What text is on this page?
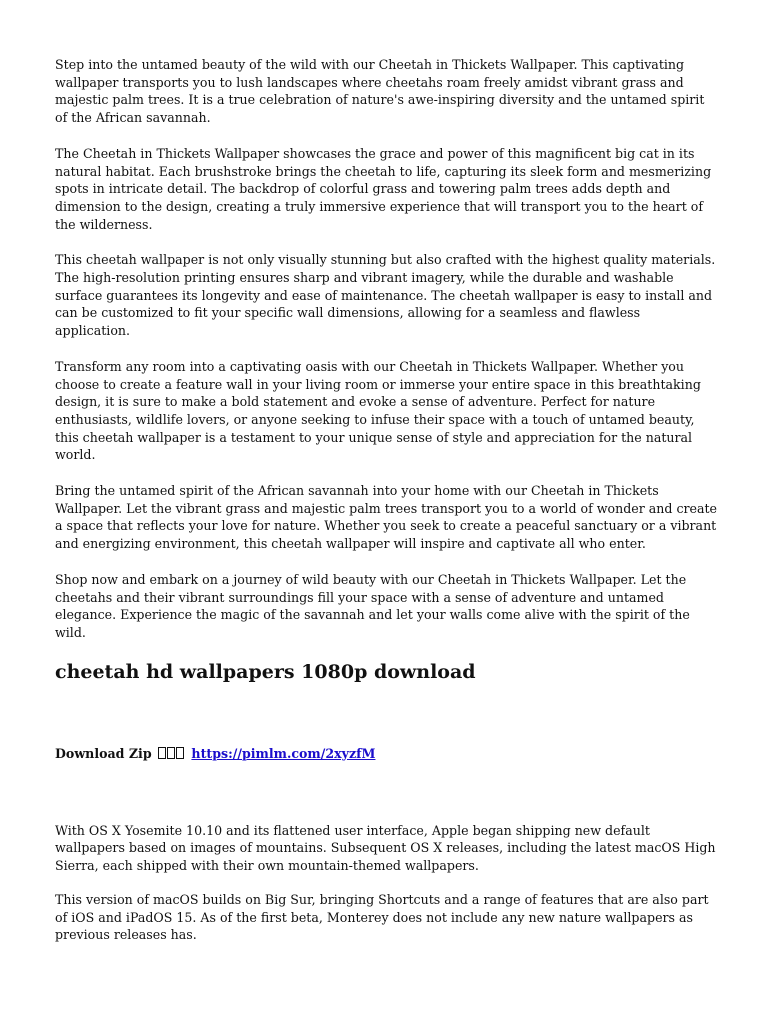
Step into the untamed beauty of the wild with our Cheetah in Thickets Wallpaper. This captivating wallpaper transports you to lush landscapes where cheetahs roam freely amidst vibrant grass and majestic palm trees. It is a true celebration of nature's awe-inspiring diversity and the untamed spirit of the African savannah.

The Cheetah in Thickets Wallpaper showcases the grace and power of this magnificent big cat in its natural habitat. Each brushstroke brings the cheetah to life, capturing its sleek form and mesmerizing spots in intricate detail. The backdrop of colorful grass and towering palm trees adds depth and dimension to the design, creating a truly immersive experience that will transport you to the heart of the wilderness.

This cheetah wallpaper is not only visually stunning but also crafted with the highest quality materials. The high-resolution printing ensures sharp and vibrant imagery, while the durable and washable surface guarantees its longevity and ease of maintenance. The cheetah wallpaper is easy to install and can be customized to fit your specific wall dimensions, allowing for a seamless and flawless application.

Transform any room into a captivating oasis with our Cheetah in Thickets Wallpaper. Whether you choose to create a feature wall in your living room or immerse your entire space in this breathtaking design, it is sure to make a bold statement and evoke a sense of adventure. Perfect for nature enthusiasts, wildlife lovers, or anyone seeking to infuse their space with a touch of untamed beauty, this cheetah wallpaper is a testament to your unique sense of style and appreciation for the natural world.

Bring the untamed spirit of the African savannah into your home with our Cheetah in Thickets Wallpaper. Let the vibrant grass and majestic palm trees transport you to a world of wonder and create a space that reflects your love for nature. Whether you seek to create a peaceful sanctuary or a vibrant and energizing environment, this cheetah wallpaper will inspire and captivate all who enter.

Shop now and embark on a journey of wild beauty with our Cheetah in Thickets Wallpaper. Let the cheetahs and their vibrant surroundings fill your space with a sense of adventure and untamed elegance. Experience the magic of the savannah and let your walls come alive with the spirit of the wild.

cheetah hd wallpapers 1080p download
Download Zip	https://pimlm.com/2xyzfM

With OS X Yosemite 10.10 and its flattened user interface, Apple began shipping new default wallpapers based on images of mountains. Subsequent OS X releases, including the latest macOS High Sierra, each shipped with their own mountain-themed wallpapers.

This version of macOS builds on Big Sur, bringing Shortcuts and a range of features that are also part of iOS and iPadOS 15. As of the first beta, Monterey does not include any new nature wallpapers as previous releases has.
